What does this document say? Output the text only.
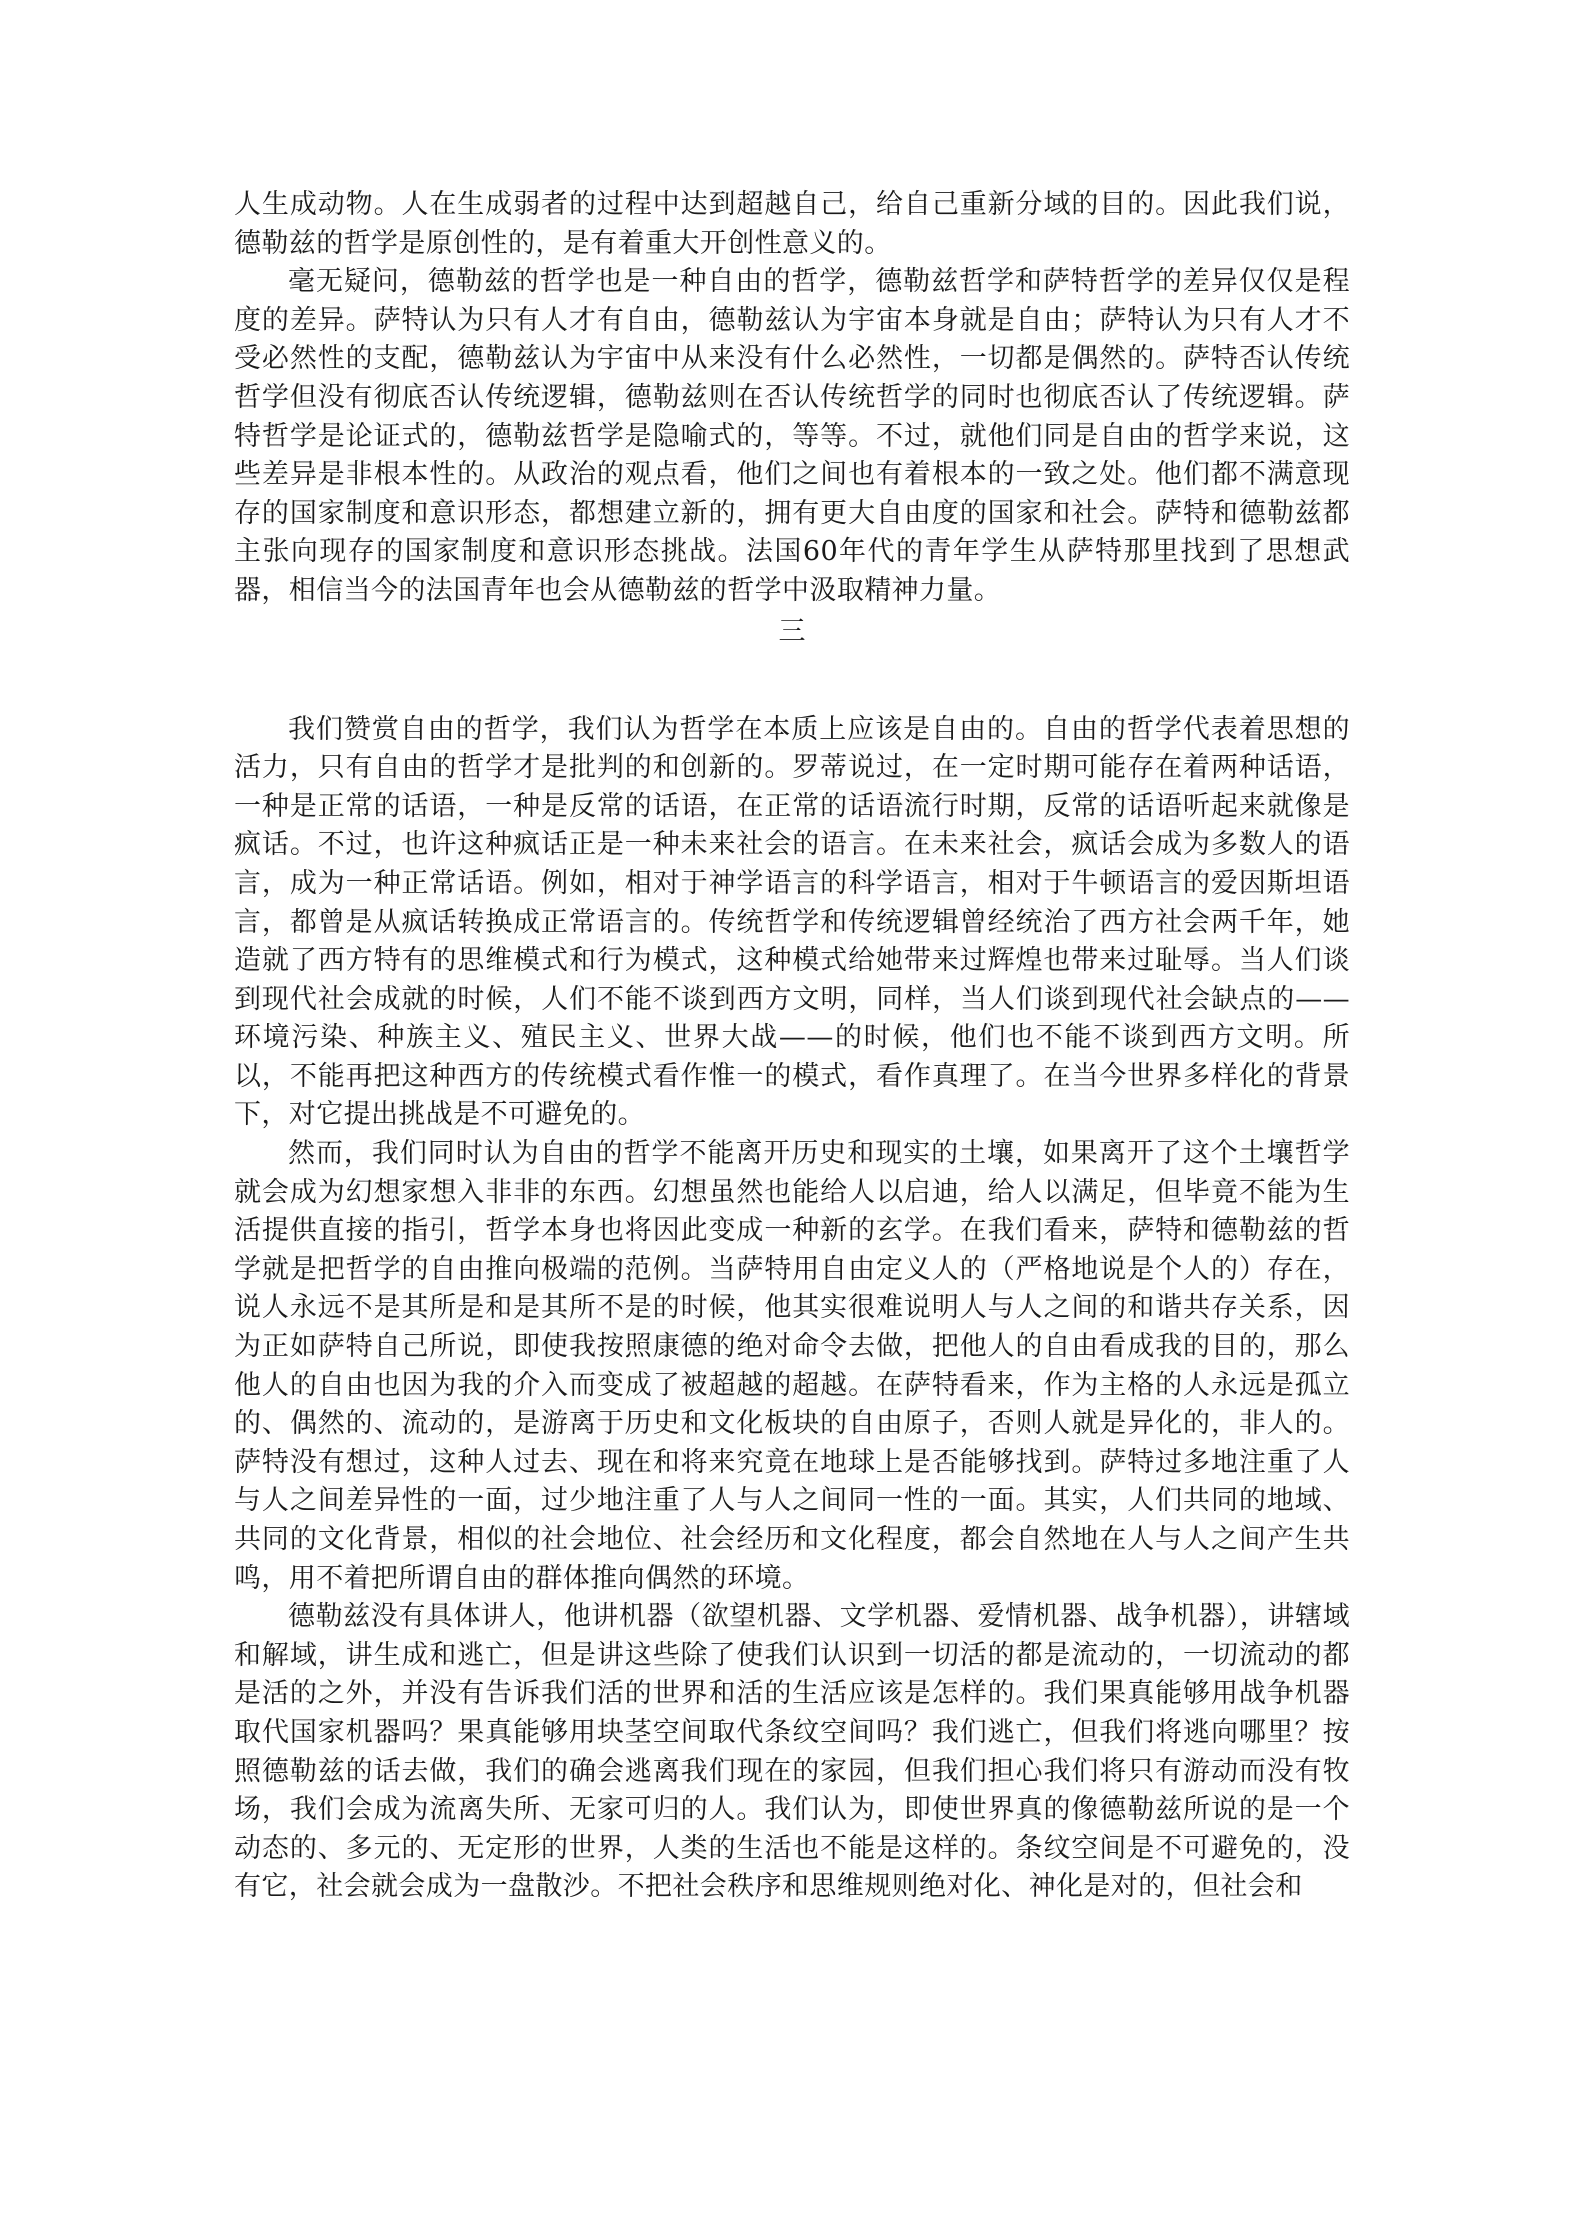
人生成动物。人在生成弱者的过程中达到超越自己，给自己重新分域的目的。因此我们说，德勒兹的哲学是原创性的，是有着重大开创性意义的。

毫无疑问，德勒兹的哲学也是一种自由的哲学，德勒兹哲学和萨特哲学的差异仅仅是程度的差异。萨特认为只有人才有自由，德勒兹认为宇宙本身就是自由；萨特认为只有人才不受必然性的支配，德勒兹认为宇宙中从来没有什么必然性，一切都是偶然的。萨特否认传统哲学但没有彻底否认传统逻辑，德勒兹则在否认传统哲学的同时也彻底否认了传统逻辑。萨特哲学是论证式的，德勒兹哲学是隐喻式的，等等。不过，就他们同是自由的哲学来说，这些差异是非根本性的。从政治的观点看，他们之间也有着根本的一致之处。他们都不满意现存的国家制度和意识形态，都想建立新的，拥有更大自由度的国家和社会。萨特和德勒兹都主张向现存的国家制度和意识形态挑战。法国60年代的青年学生从萨特那里找到了思想武器，相信当今的法国青年也会从德勒兹的哲学中汲取精神力量。

三

我们赞赏自由的哲学，我们认为哲学在本质上应该是自由的。自由的哲学代表着思想的活力，只有自由的哲学才是批判的和创新的。罗蒂说过，在一定时期可能存在着两种话语，一种是正常的话语，一种是反常的话语，在正常的话语流行时期，反常的话语听起来就像是疯话。不过，也许这种疯话正是一种未来社会的语言。在未来社会，疯话会成为多数人的语言，成为一种正常话语。例如，相对于神学语言的科学语言，相对于牛顿语言的爱因斯坦语言，都曾是从疯话转换成正常语言的。传统哲学和传统逻辑曾经统治了西方社会两千年，她造就了西方特有的思维模式和行为模式，这种模式给她带来过辉煌也带来过耻辱。当人们谈到现代社会成就的时候，人们不能不谈到西方文明，同样，当人们谈到现代社会缺点的——环境污染、种族主义、殖民主义、世界大战——的时候，他们也不能不谈到西方文明。所以，不能再把这种西方的传统模式看作惟一的模式，看作真理了。在当今世界多样化的背景下，对它提出挑战是不可避免的。

然而，我们同时认为自由的哲学不能离开历史和现实的土壤，如果离开了这个土壤哲学就会成为幻想家想入非非的东西。幻想虽然也能给人以启迪，给人以满足，但毕竟不能为生活提供直接的指引，哲学本身也将因此变成一种新的玄学。在我们看来，萨特和德勒兹的哲学就是把哲学的自由推向极端的范例。当萨特用自由定义人的（严格地说是个人的）存在，说人永远不是其所是和是其所不是的时候，他其实很难说明人与人之间的和谐共存关系，因为正如萨特自己所说，即使我按照康德的绝对命令去做，把他人的自由看成我的目的，那么他人的自由也因为我的介入而变成了被超越的超越。在萨特看来，作为主格的人永远是孤立的、偶然的、流动的，是游离于历史和文化板块的自由原子，否则人就是异化的，非人的。萨特没有想过，这种人过去、现在和将来究竟在地球上是否能够找到。萨特过多地注重了人与人之间差异性的一面，过少地注重了人与人之间同一性的一面。其实，人们共同的地域、共同的文化背景，相似的社会地位、社会经历和文化程度，都会自然地在人与人之间产生共鸣，用不着把所谓自由的群体推向偶然的环境。

德勒兹没有具体讲人，他讲机器（欲望机器、文学机器、爱情机器、战争机器），讲辖域和解域，讲生成和逃亡，但是讲这些除了使我们认识到一切活的都是流动的，一切流动的都是活的之外，并没有告诉我们活的世界和活的生活应该是怎样的。我们果真能够用战争机器取代国家机器吗？果真能够用块茎空间取代条纹空间吗？我们逃亡，但我们将逃向哪里？按照德勒兹的话去做，我们的确会逃离我们现在的家园，但我们担心我们将只有游动而没有牧场，我们会成为流离失所、无家可归的人。我们认为，即使世界真的像德勒兹所说的是一个动态的、多元的、无定形的世界，人类的生活也不能是这样的。条纹空间是不可避免的，没有它，社会就会成为一盘散沙。不把社会秩序和思维规则绝对化、神化是对的，但社会和
